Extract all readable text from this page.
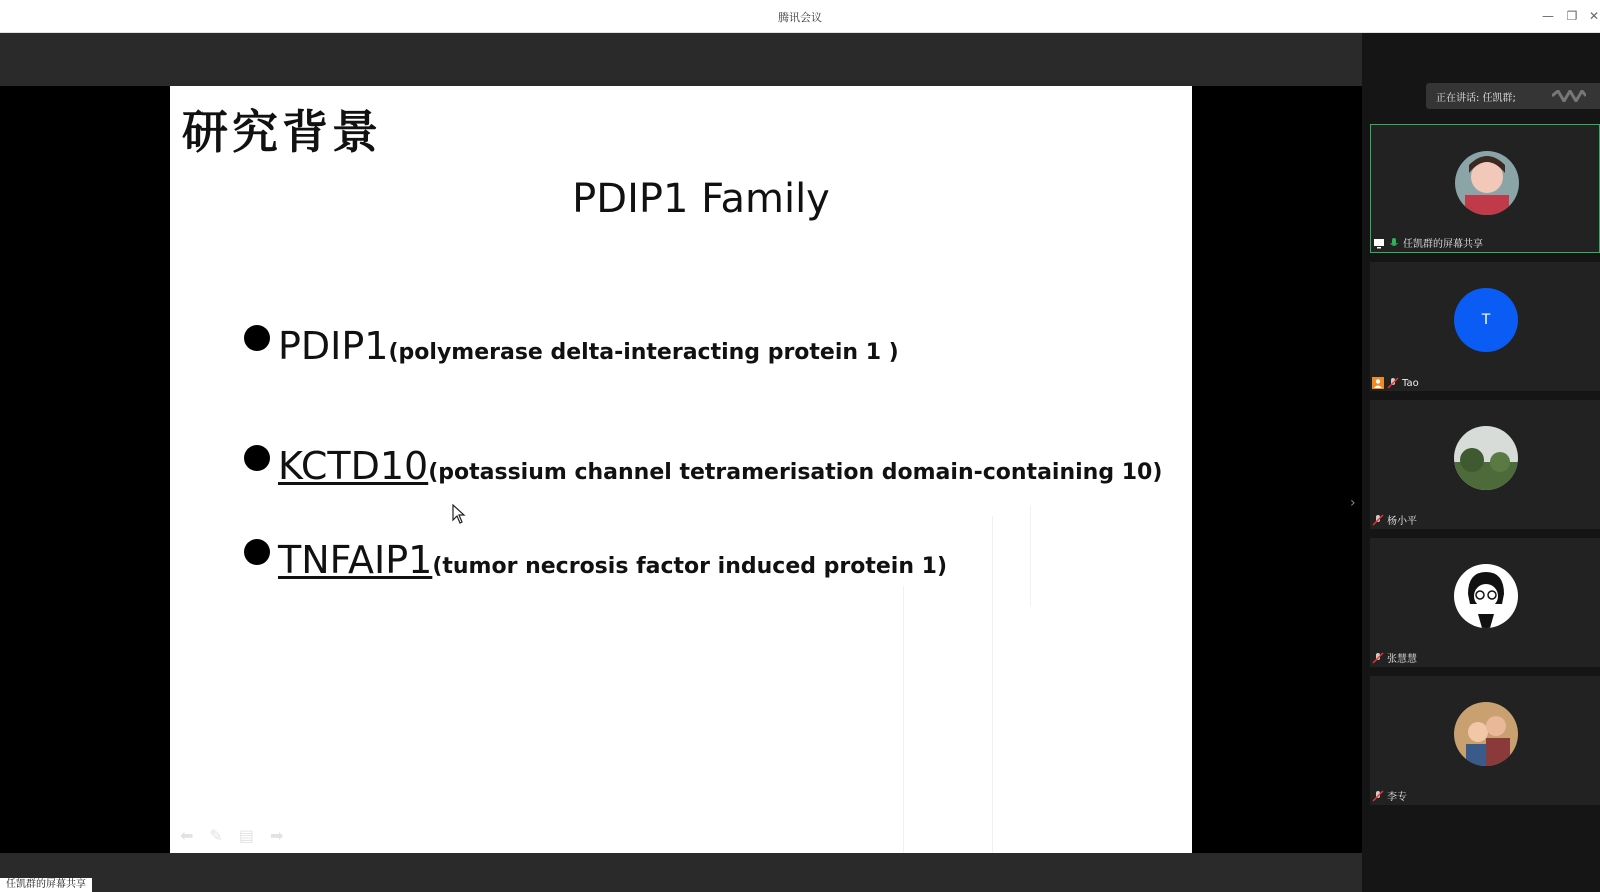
腾讯会议	— ❐ ✕
›
任凯群的屏幕共享
研究背景
PDIP1 Family
PDIP1(polymerase delta-interacting protein 1 )
KCTD10(potassium channel tetramerisation domain-containing 10)
TNFAIP1(tumor necrosis factor induced protein 1)
⬅ ✎ ▤ ➡
正在讲话: 任凯群;
任凯群的屏幕共享
T
Tao
杨小平
张慧慧
李专
